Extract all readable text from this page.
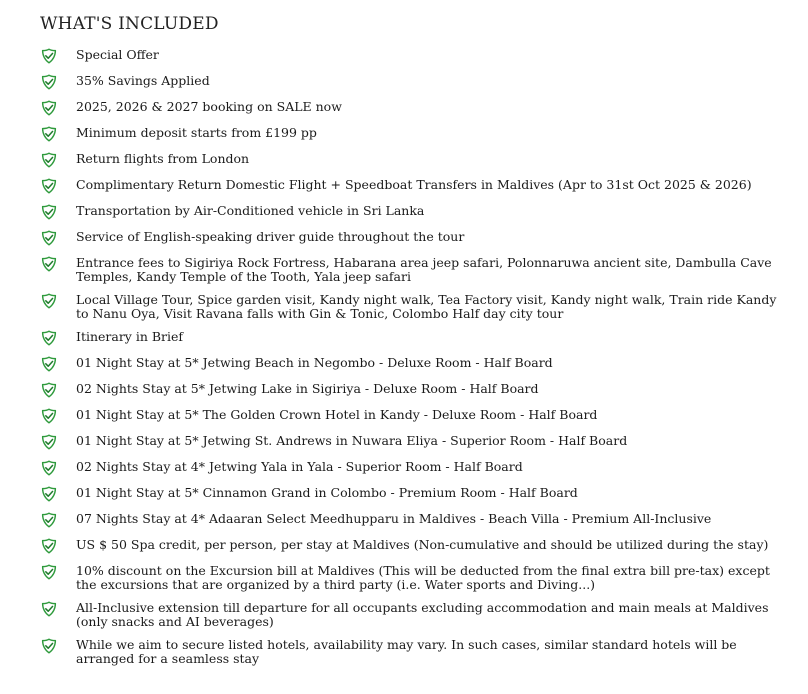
WHAT'S INCLUDED
Special Offer
35% Savings Applied
2025, 2026 & 2027 booking on SALE now
Minimum deposit starts from £199 pp
Return flights from London
Complimentary Return Domestic Flight + Speedboat Transfers in Maldives (Apr to 31st Oct 2025 & 2026)
Transportation by Air-Conditioned vehicle in Sri Lanka
Service of English-speaking driver guide throughout the tour
Entrance fees to Sigiriya Rock Fortress, Habarana area jeep safari, Polonnaruwa ancient site, Dambulla Cave Temples, Kandy Temple of the Tooth, Yala jeep safari
Local Village Tour, Spice garden visit, Kandy night walk, Tea Factory visit, Kandy night walk, Train ride Kandy to Nanu Oya, Visit Ravana falls with Gin & Tonic, Colombo Half day city tour
Itinerary in Brief
01 Night Stay at 5* Jetwing Beach in Negombo - Deluxe Room - Half Board
02 Nights Stay at 5* Jetwing Lake in Sigiriya - Deluxe Room - Half Board
01 Night Stay at 5* The Golden Crown Hotel in Kandy - Deluxe Room - Half Board
01 Night Stay at 5* Jetwing St. Andrews in Nuwara Eliya - Superior Room - Half Board
02 Nights Stay at 4* Jetwing Yala in Yala - Superior Room - Half Board
01 Night Stay at 5* Cinnamon Grand in Colombo - Premium Room - Half Board
07 Nights Stay at 4* Adaaran Select Meedhupparu in Maldives - Beach Villa - Premium All-Inclusive
US $ 50 Spa credit, per person, per stay at Maldives (Non-cumulative and should be utilized during the stay)
10% discount on the Excursion bill at Maldives (This will be deducted from the final extra bill pre-tax) except the excursions that are organized by a third party (i.e. Water sports and Diving...)
All-Inclusive extension till departure for all occupants excluding accommodation and main meals at Maldives (only snacks and AI beverages)
While we aim to secure listed hotels, availability may vary. In such cases, similar standard hotels will be arranged for a seamless stay
